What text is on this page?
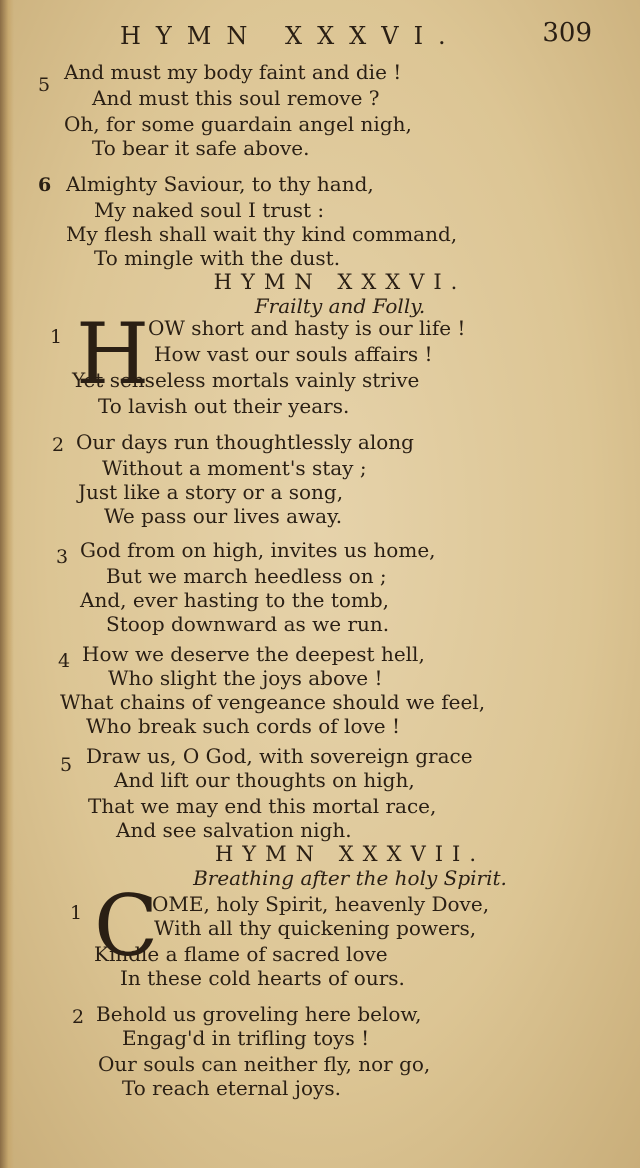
HYMN XXXVI.	309
5
And must my body faint and die !
And must this soul remove ?
Oh, for some guardain angel nigh,
To bear it safe above.
6 Almighty Saviour, to thy hand,
My naked soul I trust :
My flesh shall wait thy kind command,
To mingle with the dust.
HYMN XXXVI.
Frailty and Folly.
1 H
OW short and hasty is our life !
How vast our souls affairs !
Yet senseless mortals vainly strive
To lavish out their years.
2 Our days run thoughtlessly along
Without a moment's stay ;
Just like a story or a song,
We pass our lives away.
3 God from on high, invites us home,
But we march heedless on ;
And, ever hasting to the tomb,
Stoop downward as we run.
4 How we deserve the deepest hell,
Who slight the joys above !
What chains of vengeance should we feel,
Who break such cords of love !
5 Draw us, O God, with sovereign grace
And lift our thoughts on high,
That we may end this mortal race,
And see salvation nigh.
HYMN XXXVII.
Breathing after the holy Spirit.
1 C
OME, holy Spirit, heavenly Dove,
With all thy quickening powers,
Kindle a flame of sacred love
In these cold hearts of ours.
2 Behold us groveling here below,
Engag'd in trifling toys !
Our souls can neither fly, nor go,
To reach eternal joys.
